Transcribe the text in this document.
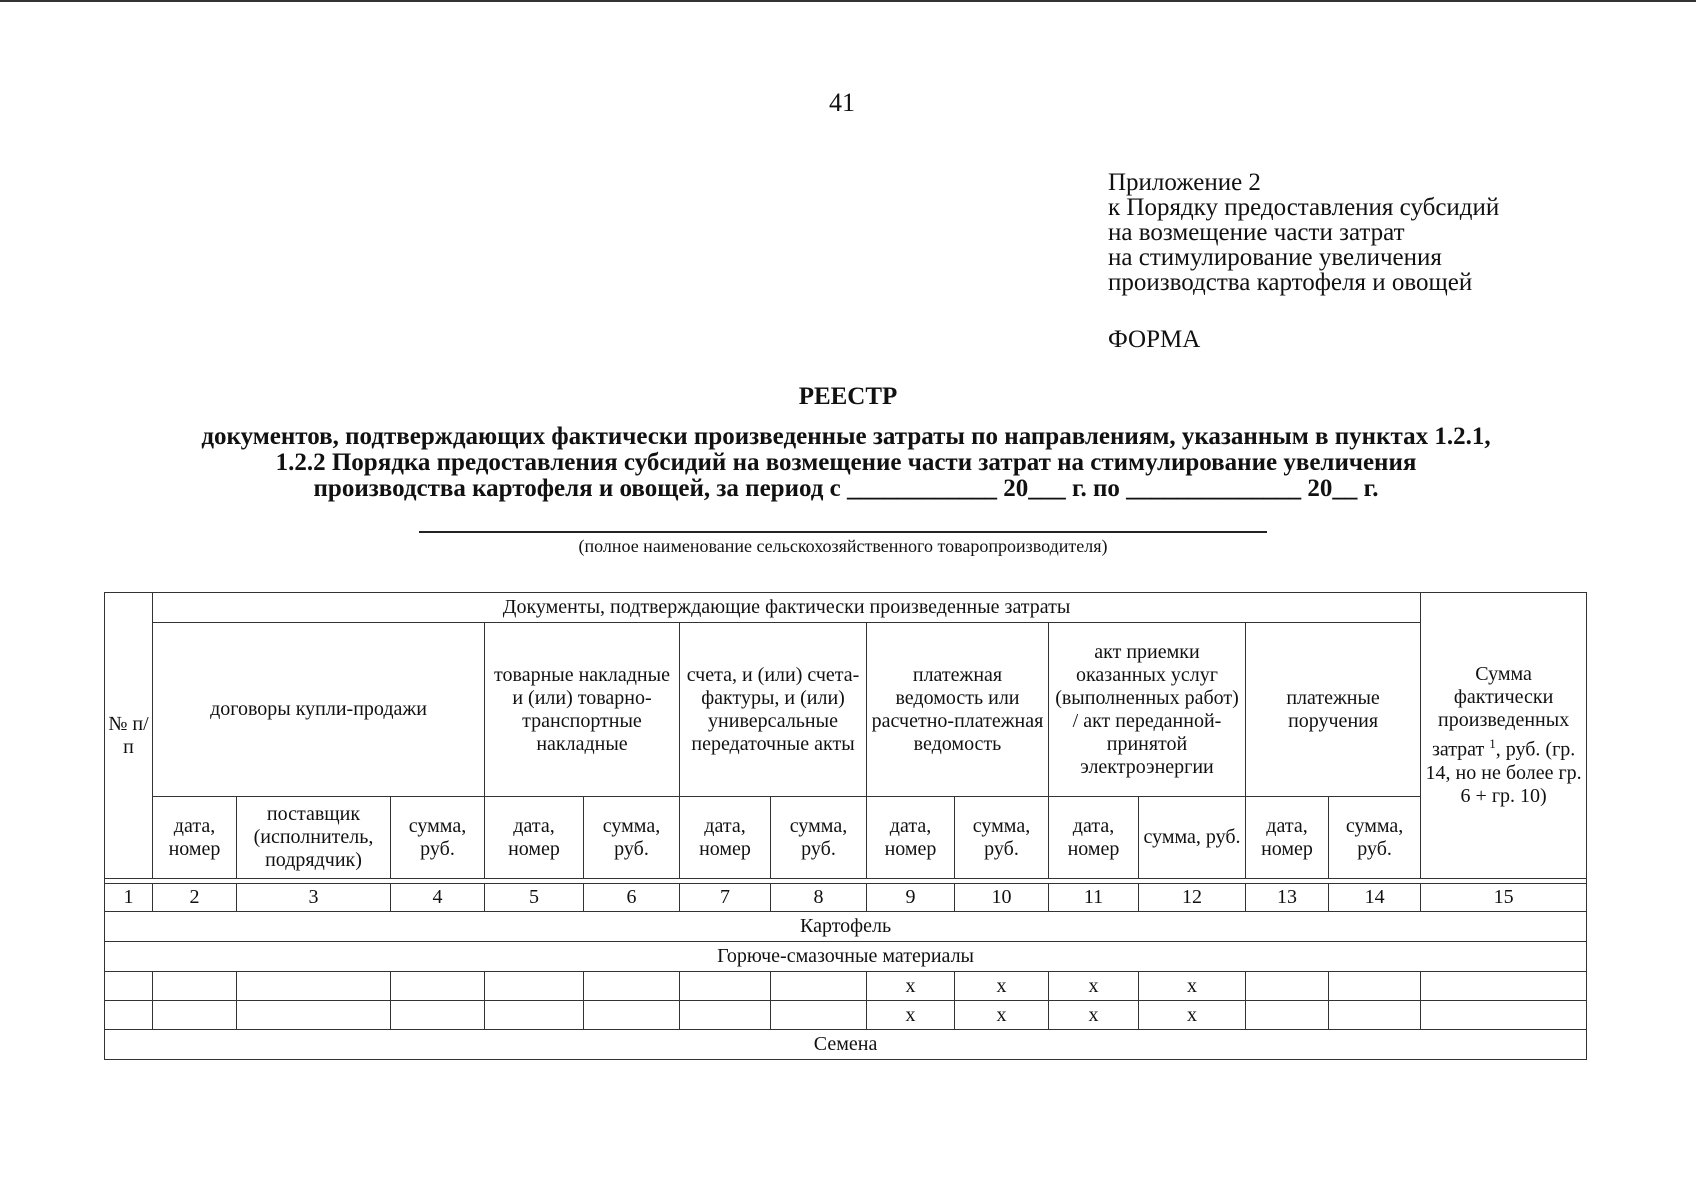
41
Приложение 2
к Порядку предоставления субсидий
на возмещение части затрат
на стимулирование увеличения
производства картофеля и овощей
ФОРМА
РЕЕСТР
документов, подтверждающих фактически произведенные затраты по направлениям, указанным в пунктах 1.2.1,
1.2.2 Порядка предоставления субсидий на возмещение части затрат на стимулирование увеличения
производства картофеля и овощей, за период с ____________ 20___ г. по ______________ 20__ г.
(полное наименование сельскохозяйственного товаропроизводителя)
№ п/п	Документы, подтверждающие фактически произведенные затраты													Сумма фактически произведенных затрат $^1$, руб. (гр. 14, но не более гр. 6 + гр. 10)
	договоры купли-продажи			товарные накладные и (или) товарно-транспортные накладные		счета, и (или) счета-фактуры, и (или) универсальные передаточные акты		платежная ведомость или расчетно-платежная ведомость		акт приемки оказанных услуг (выполненных работ) / акт переданной-принятой электроэнергии		платежные поручения		
	дата, номер	поставщик (исполнитель, подрядчик)	сумма, руб.	дата, номер	сумма, руб.	дата, номер	сумма, руб.	дата, номер	сумма, руб.	дата, номер	сумма, руб.	дата, номер	сумма, руб.	

1	2	3	4	5	6	7	8	9	10	11	12	13	14	15
Картофель														
Горюче-смазочные материалы														
								х	х	х	х			
								х	х	х	х			
Семена														
